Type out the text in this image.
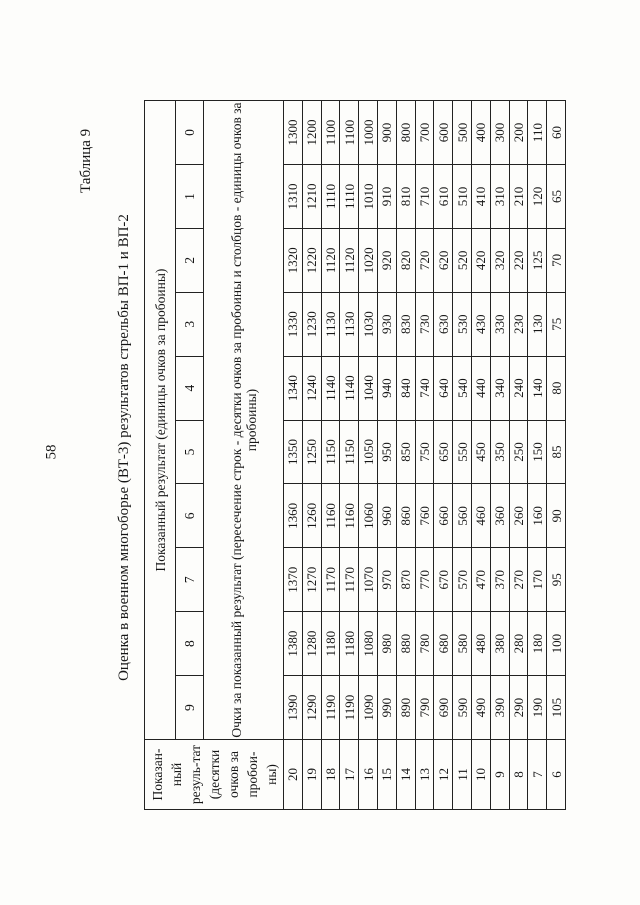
58
Таблица 9
Оценка в военном многоборье (ВТ-3) результатов стрельбы ВП-1 и ВП-2
Показан-ный резуль-тат (десятки очков за пробои-ны)	Показанный результат (единицы очков за пробоины)									
	9	8	7	6	5	4	3	2	1	0
	Очки за показанный результат (пересечение строк - десятки очков за пробоины и столбцов - единицы очков за пробоины)									
20	1390	1380	1370	1360	1350	1340	1330	1320	1310	1300
19	1290	1280	1270	1260	1250	1240	1230	1220	1210	1200
18	1190	1180	1170	1160	1150	1140	1130	1120	1110	1100
17	1190	1180	1170	1160	1150	1140	1130	1120	1110	1100
16	1090	1080	1070	1060	1050	1040	1030	1020	1010	1000
15	990	980	970	960	950	940	930	920	910	900
14	890	880	870	860	850	840	830	820	810	800
13	790	780	770	760	750	740	730	720	710	700
12	690	680	670	660	650	640	630	620	610	600
11	590	580	570	560	550	540	530	520	510	500
10	490	480	470	460	450	440	430	420	410	400
9	390	380	370	360	350	340	330	320	310	300
8	290	280	270	260	250	240	230	220	210	200
7	190	180	170	160	150	140	130	125	120	110
6	105	100	95	90	85	80	75	70	65	60
